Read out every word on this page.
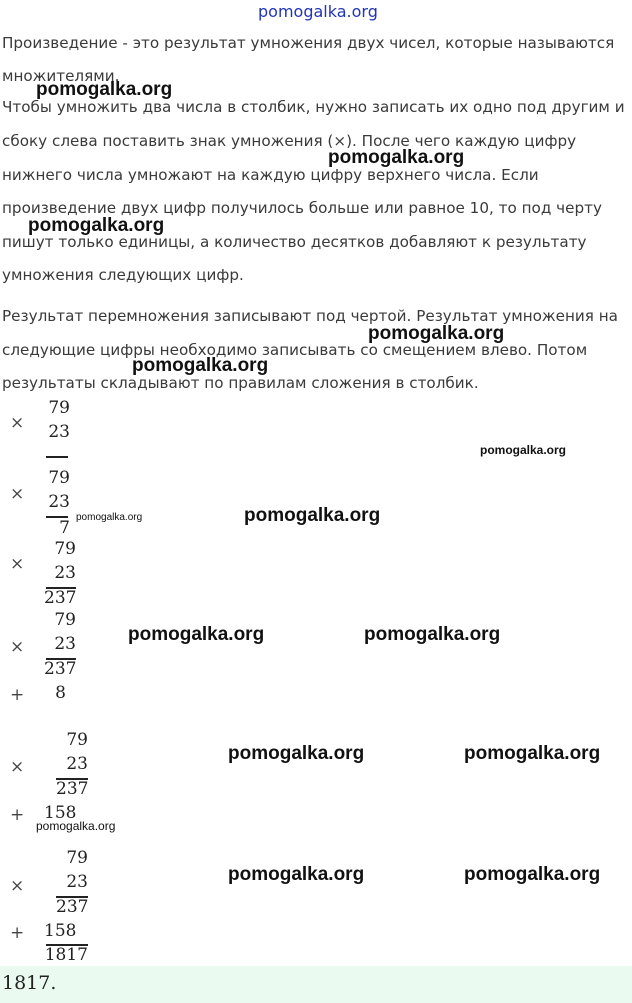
pomogalka.org
Произведение - это результат умножения двух чисел, которые называются
множителями.
Чтобы умножить два числа в столбик, нужно записать их одно под другим и
сбоку слева поставить знак умножения (×). После чего каждую цифру
нижнего числа умножают на каждую цифру верхнего числа. Если
произведение двух цифр получилось больше или равное 10, то под черту
пишут только единицы, а количество десятков добавляют к результату
умножения следующих цифр.
Результат перемножения записывают под чертой. Результат умножения на
следующие цифры необходимо записывать со смещением влево. Потом
результаты складывают по правилам сложения в столбик.
pomogalka.org
pomogalka.org
pomogalka.org
pomogalka.org
pomogalka.org
×
79
23
pomogalka.org
×
79
23
7
pomogalka.org	pomogalka.org
×
79
23
237
×
79
23
237
+	8
pomogalka.org	pomogalka.org
×
79
23
237
+ 158
pomogalka.org
pomogalka.org	pomogalka.org
×
79
23
237
+ 158
1817
pomogalka.org	pomogalka.org
1817.
